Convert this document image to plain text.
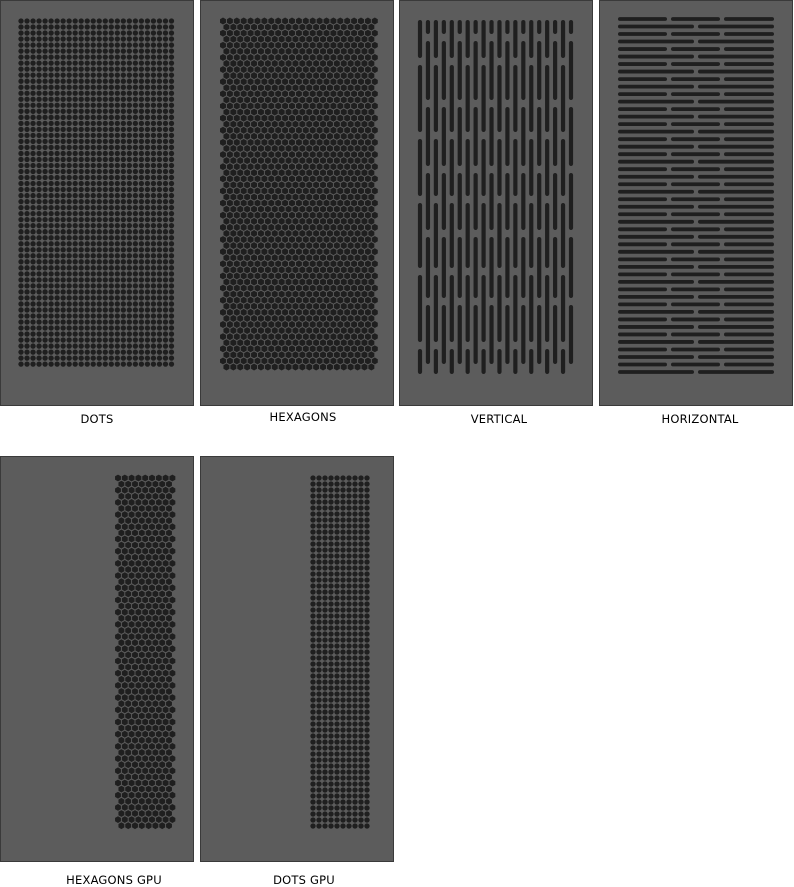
DOTS	HEXAGONS	VERTICAL	HORIZONTAL
HEXAGONS GPU	DOTS GPU
